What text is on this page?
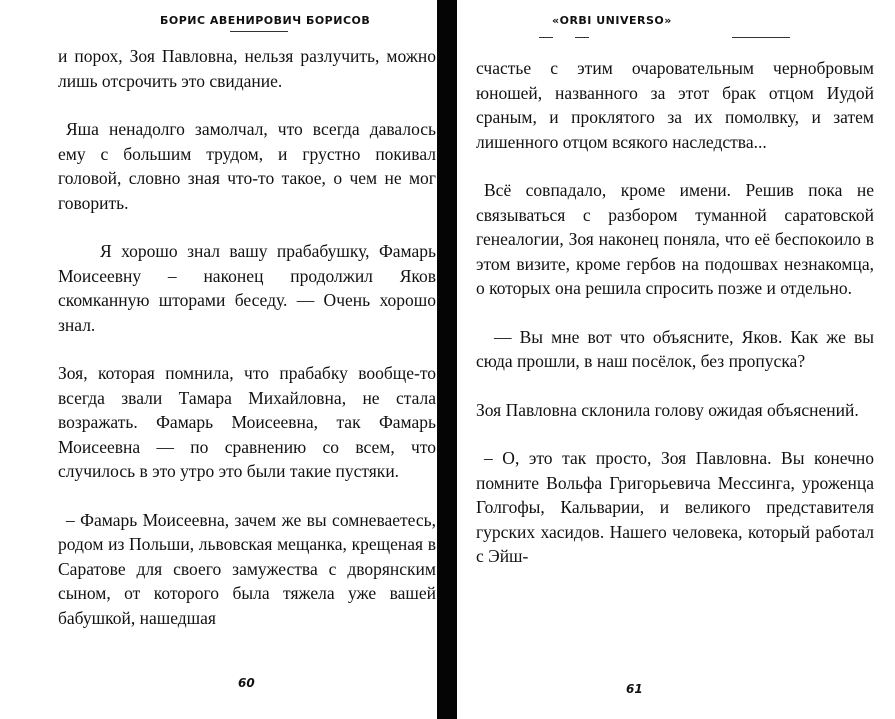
БОРИС АВЕНИРОВИЧ БОРИСОВ

и порох, Зоя Павловна, нельзя разлучить, можно лишь отсрочить это свидание.

Яша ненадолго замолчал, что всегда давалось ему с большим трудом, и грустно покивал головой, словно зная что-то такое, о чем не мог говорить.

Я хорошо знал вашу прабабушку, Фамарь Моисеевну – наконец продолжил Яков скомканную шторами беседу. — Очень хорошо знал.

Зоя, которая помнила, что прабабку вообще-то всегда звали Тамара Михайловна, не стала возражать. Фамарь Моисеевна, так Фамарь Моисеевна — по сравнению со всем, что случилось в это утро это были такие пустяки.

– Фамарь Моисеевна, зачем же вы сомневаетесь, родом из Польши, львовская мещанка, крещеная в Саратове для своего замужества с дворянским сыном, от которого была тяжела уже вашей бабушкой, нашедшая

60
«ORBI UNIVERSO»

счастье с этим очаровательным чернобровым юношей, названного за этот брак отцом Иудой сраным, и проклятого за их помолвку, и затем лишенного отцом всякого наследства...

Всё совпадало, кроме имени. Решив пока не связываться с разбором туманной саратовской генеалогии, Зоя наконец поняла, что её беспокоило в этом визите, кроме гербов на подошвах незнакомца, о которых она решила спросить позже и отдельно.

— Вы мне вот что объясните, Яков. Как же вы сюда прошли, в наш посёлок, без пропуска?

Зоя Павловна склонила голову ожидая объяснений.

– О, это так просто, Зоя Павловна. Вы конечно помните Вольфа Григорьевича Мессинга, уроженца Голгофы, Кальварии, и великого представителя гурских хасидов. Нашего человека, который работал с Эйш-

61
